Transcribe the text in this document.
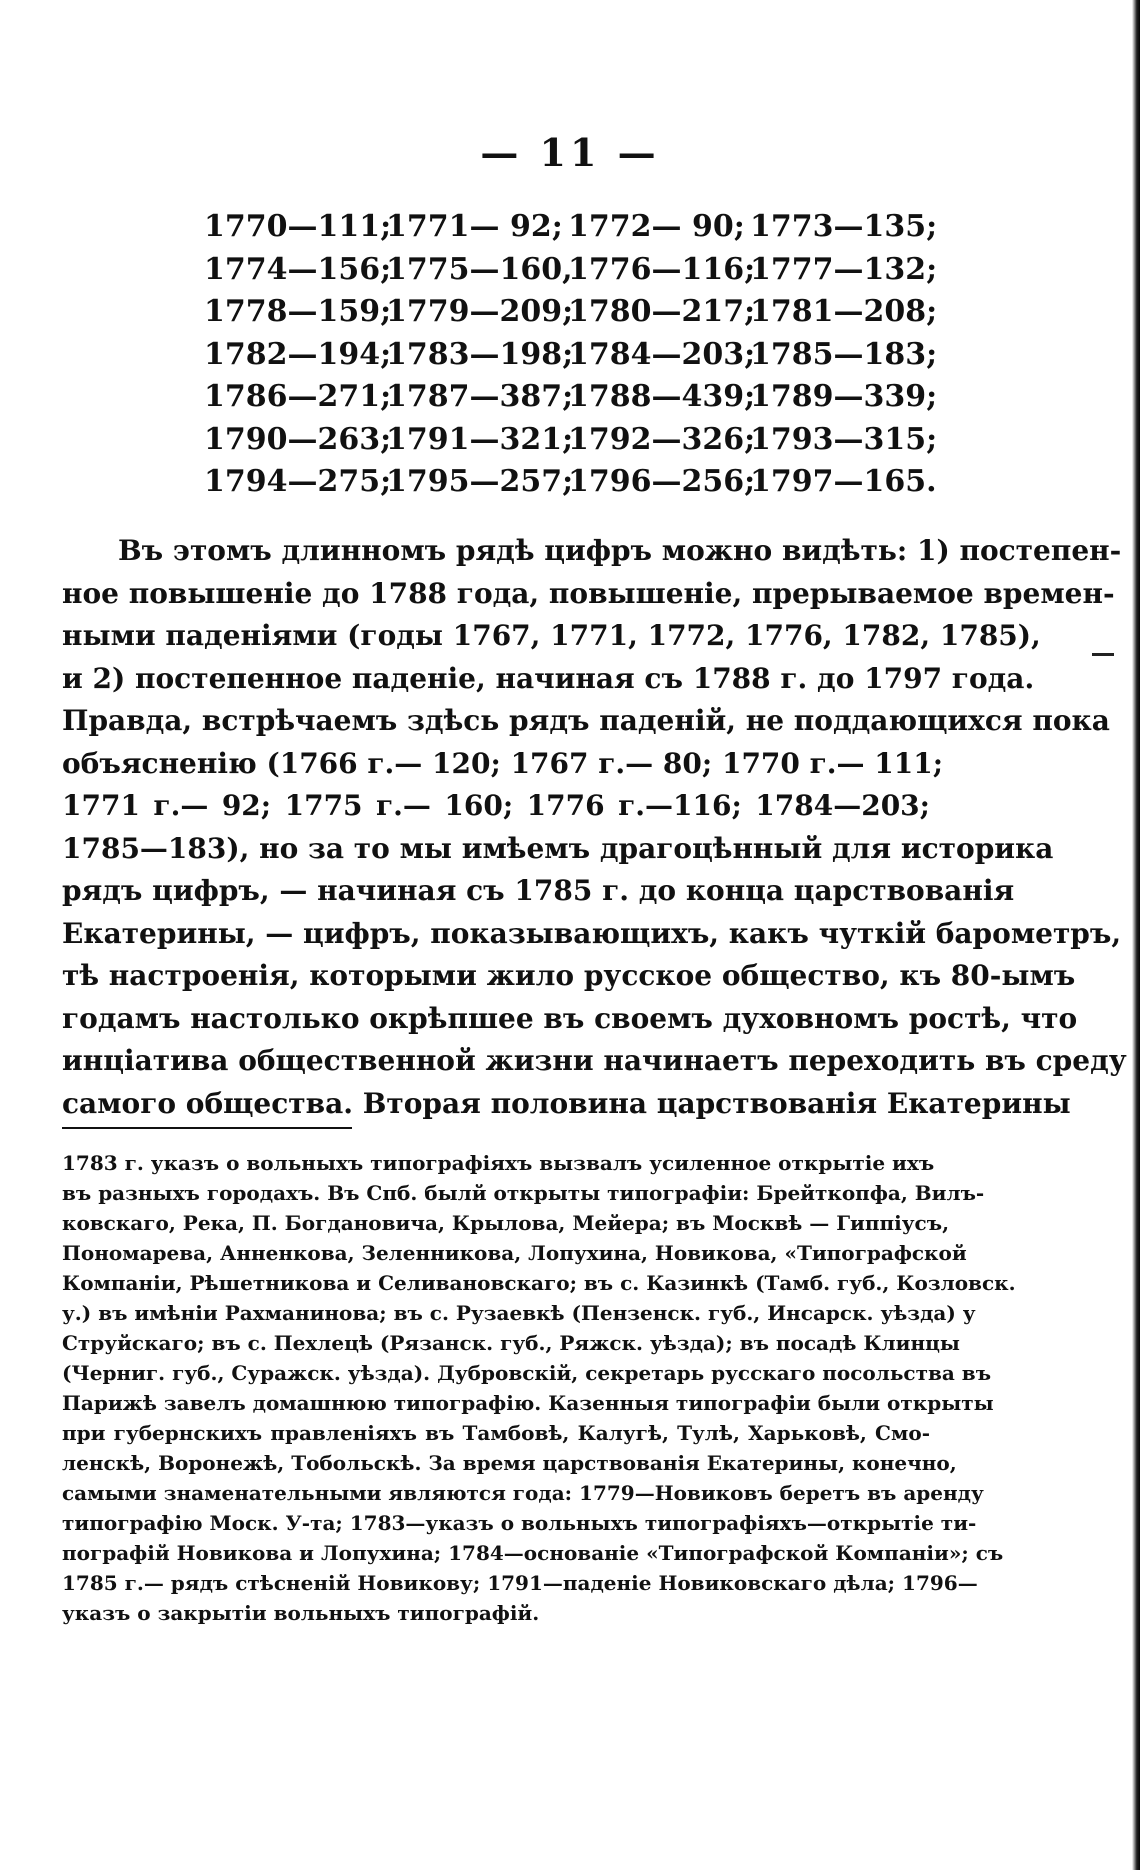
— 11 —
1770—111;
1771— 92; 1772— 90; 1773—135;
1774—156;
1775—160,
1776—116;
1777—132;
1778—159;
1779—209;
1780—217;
1781—208;
1782—194;
1783—198;
1784—203;
1785—183;
1786—271;
1787—387;
1788—439;
1789—339;
1790—263;
1791—321;
1792—326;
1793—315;
1794—275;
1795—257;
1796—256;
1797—165.
Въ этомъ длинномъ рядѣ цифръ можно видѣть: 1) постепен-
ное повышеніе до 1788 года, повышеніе, прерываемое времен-
ными паденіями (годы 1767, 1771, 1772, 1776, 1782, 1785),
и 2) постепенное паденіе, начиная съ 1788 г. до 1797 года.
Правда, встрѣчаемъ здѣсь рядъ паденій, не поддающихся пока
объясненію (1766 г.— 120; 1767 г.— 80; 1770 г.— 111;
1771 г.— 92; 1775 г.— 160; 1776 г.—116; 1784—203;
1785—183), но за то мы имѣемъ драгоцѣнный для историка
рядъ цифръ, — начиная съ 1785 г. до конца царствованія
Екатерины, — цифръ, показывающихъ, какъ чуткій барометръ,
тѣ настроенія, которыми жило русское общество, къ 80-ымъ
годамъ настолько окрѣпшее въ своемъ духовномъ ростѣ, что
инціатива общественной жизни начинаетъ переходить въ среду
самого общества. Вторая половина царствованія Екатерины
1783 г. указъ о вольныхъ типографіяхъ вызвалъ усиленное открытіе ихъ
въ разныхъ городахъ. Въ Спб. былй открыты типографіи: Брейткопфа, Вилъ-
ковскаго, Река, П. Богдановича, Крылова, Мейера; въ Москвѣ — Гиппіусъ,
Пономарева, Анненкова, Зеленникова, Лопухина, Новикова, «Типографской
Компаніи, Рѣшетникова и Селивановскаго; въ с. Казинкѣ (Тамб. губ., Козловск.
у.) въ имѣніи Рахманинова; въ с. Рузаевкѣ (Пензенск. губ., Инсарск. уѣзда) у
Струйскаго; въ с. Пехлецѣ (Рязанск. губ., Ряжск. уѣзда); въ посадѣ Клинцы
(Черниг. губ., Суражск. уѣзда). Дубровскій, секретарь русскаго посольства въ
Парижѣ завелъ домашнюю типографію. Казенныя типографіи были открыты
при губернскихъ правленіяхъ въ Тамбовѣ, Калугѣ, Тулѣ, Харьковѣ, Смо-
ленскѣ, Воронежѣ, Тобольскѣ. За время царствованія Екатерины, конечно,
самыми знаменательными являются года: 1779—Новиковъ беретъ въ аренду
типографію Моск. У-та; 1783—указъ о вольныхъ типографіяхъ—открытіе ти-
пографій Новикова и Лопухина; 1784—основаніе «Типографской Компаніи»; съ
1785 г.— рядъ стѣсненій Новикову; 1791—паденіе Новиковскаго дѣла; 1796—
указъ о закрытіи вольныхъ типографій.
